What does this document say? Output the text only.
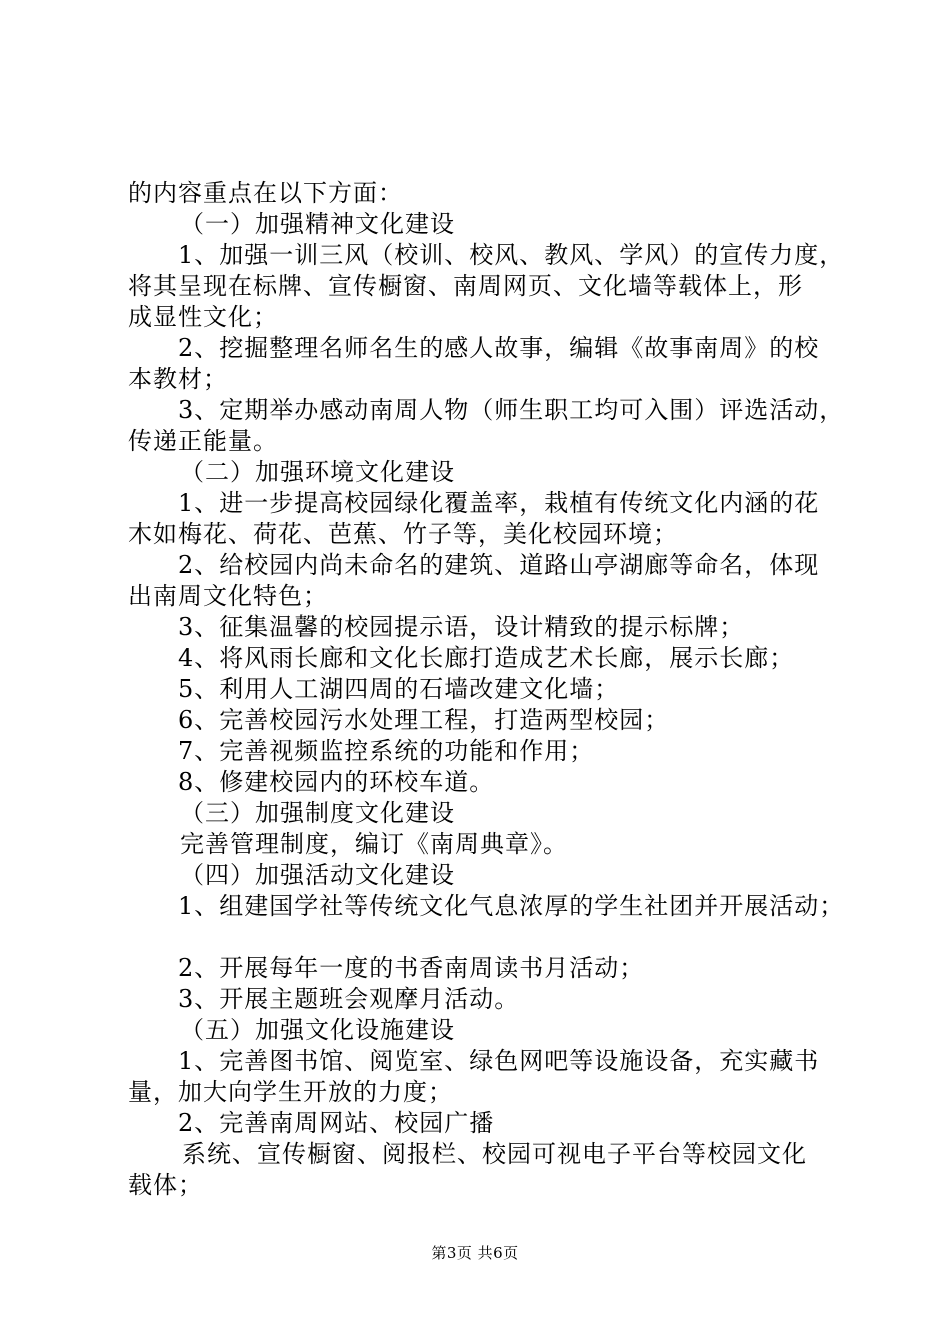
的内容重点在以下方面：
（一）加强精神文化建设
1、加强一训三风（校训、校风、教风、学风）的宣传力度，
将其呈现在标牌、宣传橱窗、南周网页、文化墙等载体上，形
成显性文化；
2、挖掘整理名师名生的感人故事，编辑《故事南周》的校
本教材；
3、定期举办感动南周人物（师生职工均可入围）评选活动，
传递正能量。
（二）加强环境文化建设
1、进一步提高校园绿化覆盖率，栽植有传统文化内涵的花
木如梅花、荷花、芭蕉、竹子等，美化校园环境；
2、给校园内尚未命名的建筑、道路山亭湖廊等命名，体现
出南周文化特色；
3、征集温馨的校园提示语，设计精致的提示标牌；
4、将风雨长廊和文化长廊打造成艺术长廊，展示长廊；
5、利用人工湖四周的石墙改建文化墙；
6、完善校园污水处理工程，打造两型校园；
7、完善视频监控系统的功能和作用；
8、修建校园内的环校车道。
（三）加强制度文化建设
完善管理制度，编订《南周典章》。
（四）加强活动文化建设
1、组建国学社等传统文化气息浓厚的学生社团并开展活动；
2、开展每年一度的书香南周读书月活动；
3、开展主题班会观摩月活动。
（五）加强文化设施建设
1、完善图书馆、阅览室、绿色网吧等设施设备，充实藏书
量，加大向学生开放的力度；
2、完善南周网站、校园广播
系统、宣传橱窗、阅报栏、校园可视电子平台等校园文化
载体；
第3页 共6页
